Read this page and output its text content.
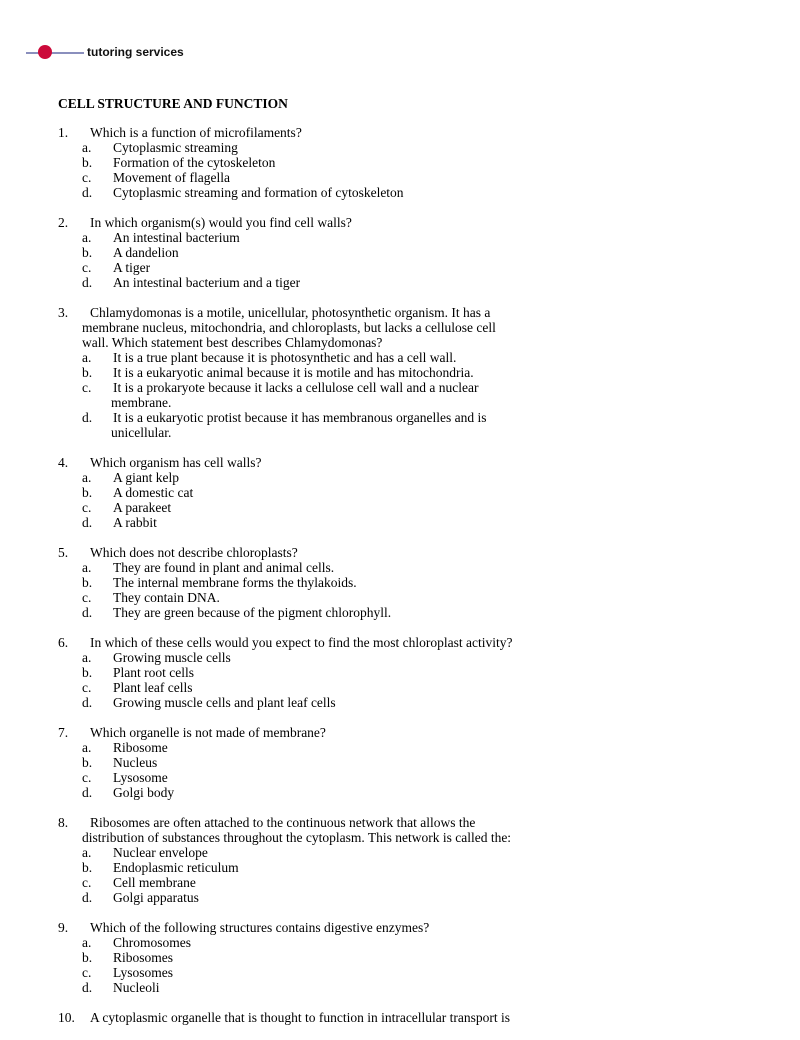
tutoring services
CELL STRUCTURE AND FUNCTION
1.	Which is a function of microfilaments?
a.	Cytoplasmic streaming
b.	Formation of the cytoskeleton
c.	Movement of flagella
d.	Cytoplasmic streaming and formation of cytoskeleton
2.	In which organism(s) would you find cell walls?
a.	An intestinal bacterium
b.	A dandelion
c.	A tiger
d.	An intestinal bacterium and a tiger
3.	Chlamydomonas is a motile, unicellular, photosynthetic organism. It has a
membrane nucleus, mitochondria, and chloroplasts, but lacks a cellulose cell
wall. Which statement best describes Chlamydomonas?
a.	It is a true plant because it is photosynthetic and has a cell wall.
b.	It is a eukaryotic animal because it is motile and has mitochondria.
c.	It is a prokaryote because it lacks a cellulose cell wall and a nuclear
membrane.
d.	It is a eukaryotic protist because it has membranous organelles and is
unicellular.
4.	Which organism has cell walls?
a.	A giant kelp
b.	A domestic cat
c.	A parakeet
d.	A rabbit
5.	Which does not describe chloroplasts?
a.	They are found in plant and animal cells.
b.	The internal membrane forms the thylakoids.
c.	They contain DNA.
d.	They are green because of the pigment chlorophyll.
6.	In which of these cells would you expect to find the most chloroplast activity?
a.	Growing muscle cells
b.	Plant root cells
c.	Plant leaf cells
d.	Growing muscle cells and plant leaf cells
7.	Which organelle is not made of membrane?
a.	Ribosome
b.	Nucleus
c.	Lysosome
d.	Golgi body
8.	Ribosomes are often attached to the continuous network that allows the
distribution of substances throughout the cytoplasm. This network is called the:
a.	Nuclear envelope
b.	Endoplasmic reticulum
c.	Cell membrane
d.	Golgi apparatus
9.	Which of the following structures contains digestive enzymes?
a.	Chromosomes
b.	Ribosomes
c.	Lysosomes
d.	Nucleoli
10.	A cytoplasmic organelle that is thought to function in intracellular transport is
